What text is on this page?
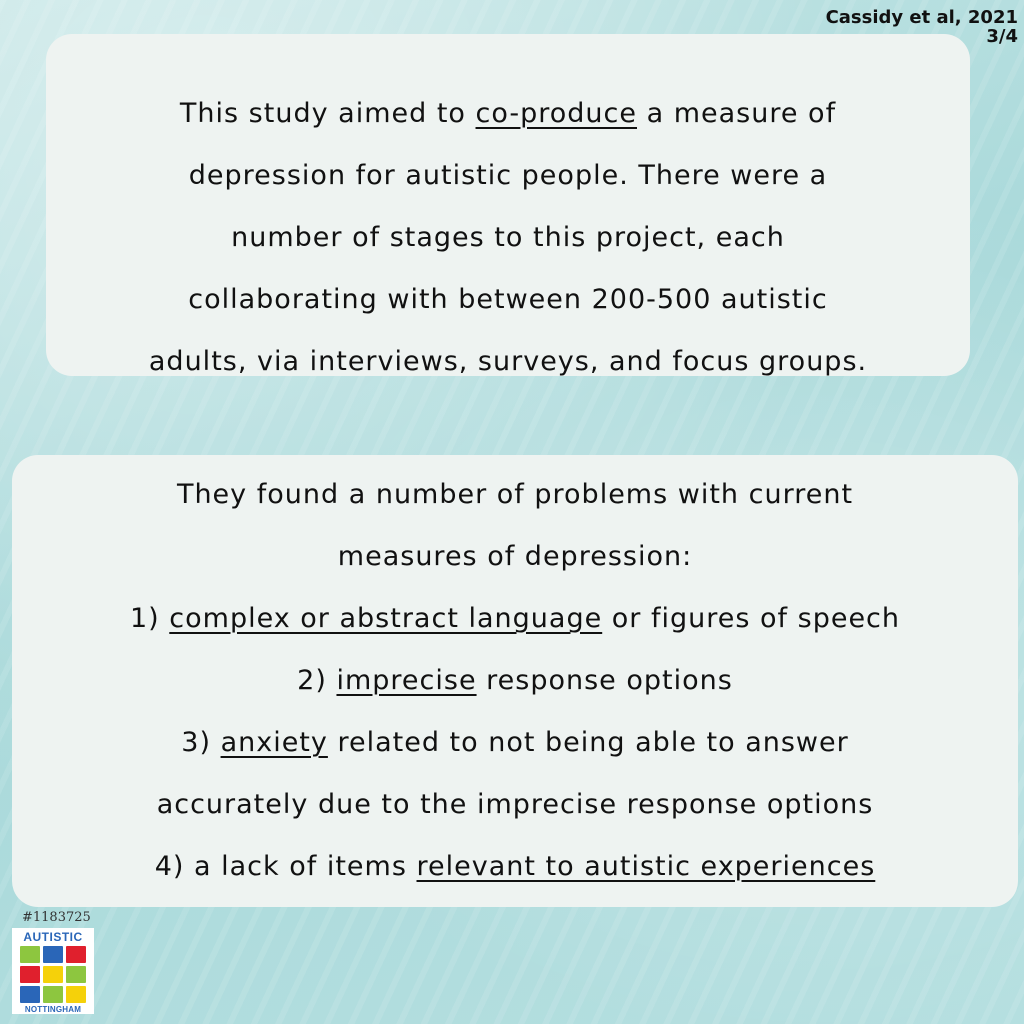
Cassidy et al, 2021
3/4
This study aimed to co-produce a measure of
depression for autistic people. There were a
number of stages to this project, each
collaborating with between 200-500 autistic
adults, via interviews, surveys, and focus groups.
They found a number of problems with current
measures of depression:
1) complex or abstract language or figures of speech
2) imprecise response options
3) anxiety related to not being able to answer
accurately due to the imprecise response options
4) a lack of items relevant to autistic experiences
#1183725
AUTISTIC
NOTTINGHAM
